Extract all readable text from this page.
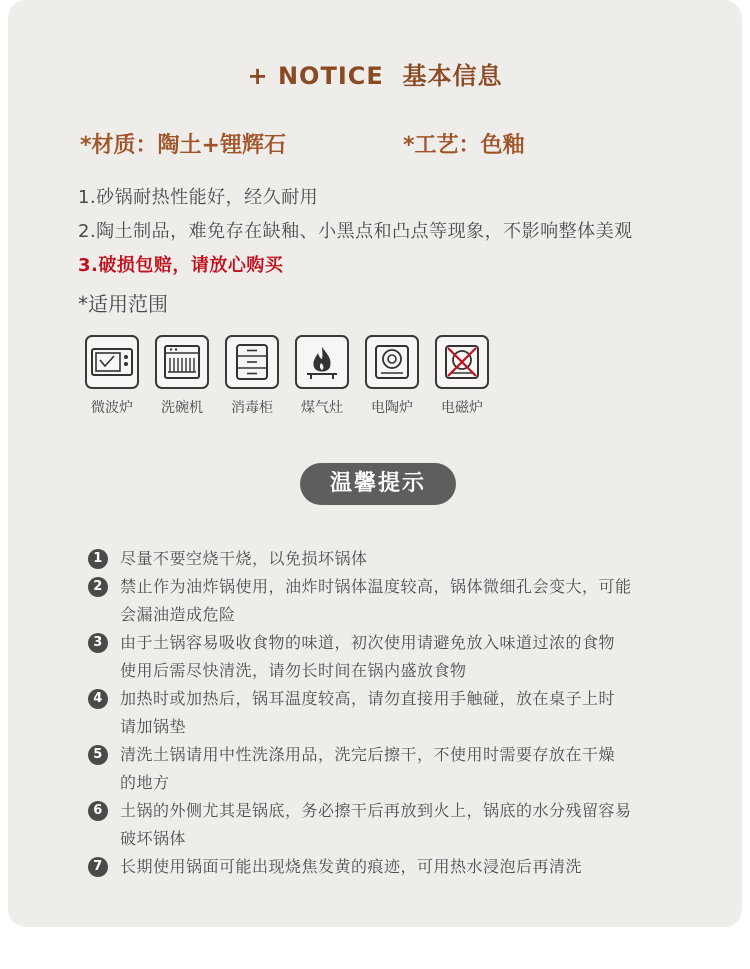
+ NOTICE 基本信息
*材质：陶土+锂辉石	*工艺：色釉
1.砂锅耐热性能好，经久耐用
2.陶土制品，难免存在缺釉、小黑点和凸点等现象，不影响整体美观
3.破损包赔，请放心购买
*适用范围
微波炉	洗碗机	消毒柜	煤气灶	电陶炉	电磁炉
温馨提示
1	尽量不要空烧干烧，以免损坏锅体
2	禁止作为油炸锅使用，油炸时锅体温度较高，锅体微细孔会变大，可能
会漏油造成危险
3	由于土锅容易吸收食物的味道，初次使用请避免放入味道过浓的食物
使用后需尽快清洗，请勿长时间在锅内盛放食物
4	加热时或加热后，锅耳温度较高，请勿直接用手触碰，放在桌子上时
请加锅垫
5	清洗土锅请用中性洗涤用品，洗完后擦干，不使用时需要存放在干燥
的地方
6	土锅的外侧尤其是锅底，务必擦干后再放到火上，锅底的水分残留容易
破坏锅体
7	长期使用锅面可能出现烧焦发黄的痕迹，可用热水浸泡后再清洗
